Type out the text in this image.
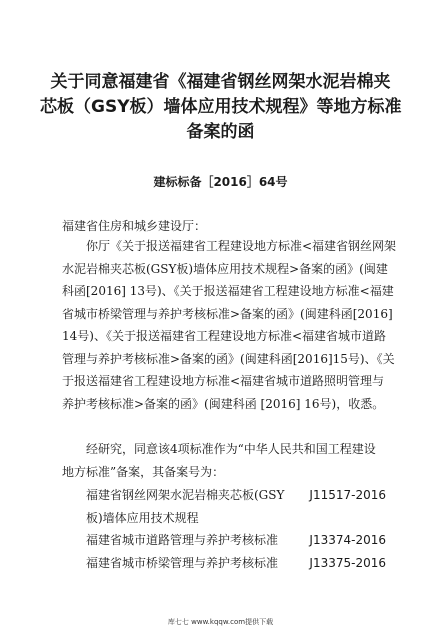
关于同意福建省《福建省钢丝网架水泥岩棉夹
芯板（GSY板）墙体应用技术规程》等地方标准
备案的函
建标标备［2016］64号
福建省住房和城乡建设厅：
　　你厅《关于报送福建省工程建设地方标准<福建省钢丝网架
水泥岩棉夹芯板(GSY板)墙体应用技术规程>备案的函》(闽建
科函[2016] 13号)、《关于报送福建省工程建设地方标准<福建
省城市桥梁管理与养护考核标准>备案的函》(闽建科函[2016]
14号)、《关于报送福建省工程建设地方标准<福建省城市道路
管理与养护考核标准>备案的函》(闽建科函[2016]15号)、《关
于报送福建省工程建设地方标准<福建省城市道路照明管理与
养护考核标准>备案的函》(闽建科函 [2016] 16号)，收悉。
　　经研究，同意该4项标准作为“中华人民共和国工程建设
地方标准”备案，其备案号为：
福建省钢丝网架水泥岩棉夹芯板(GSY J11517-2016
板)墙体应用技术规程
福建省城市道路管理与养护考核标准	J13374-2016
福建省城市桥梁管理与养护考核标准	J13375-2016
库七七 www.kqqw.com提供下载
